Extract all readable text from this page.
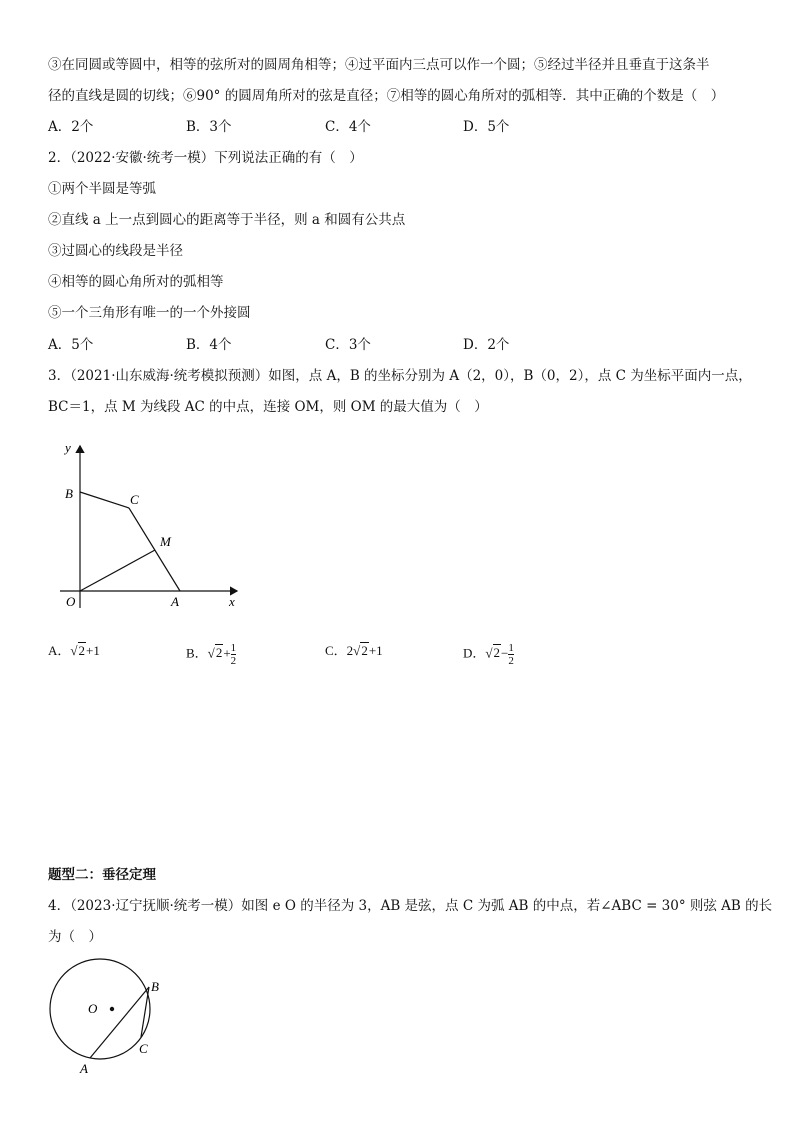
③在同圆或等圆中，相等的弦所对的圆周角相等；④过平面内三点可以作一个圆；⑤经过半径并且垂直于这条半
径的直线是圆的切线；⑥90° 的圆周角所对的弦是直径；⑦相等的圆心角所对的弧相等．其中正确的个数是（　）
A．2个	B．3个	C．4个	D．5个
2．（2022·安徽·统考一模）下列说法正确的有（　）
①两个半圆是等弧
②直线 a 上一点到圆心的距离等于半径，则 a 和圆有公共点
③过圆心的线段是半径
④相等的圆心角所对的弧相等
⑤一个三角形有唯一的一个外接圆
A．5个	B．4个	C．3个	D．2个
3．（2021·山东威海·统考模拟预测）如图，点 A，B 的坐标分别为 A（2，0），B（0，2），点 C 为坐标平面内一点，
BC＝1，点 M 为线段 AC 的中点，连接 OM，则 OM 的最大值为（　）
y
x
O	A
B	C
M
A．√2+1	B．$√2+ \frac{1}{2}$	C．2√2+1	D．$√2- \frac{1}{2}$
题型二：垂径定理
4．（2023·辽宁抚顺·统考一模）如图 e O 的半径为 3，AB 是弦，点 C 为弧 AB 的中点，若∠ABC = 30° 则弦 AB 的长
为（　）
O
A
B
C
